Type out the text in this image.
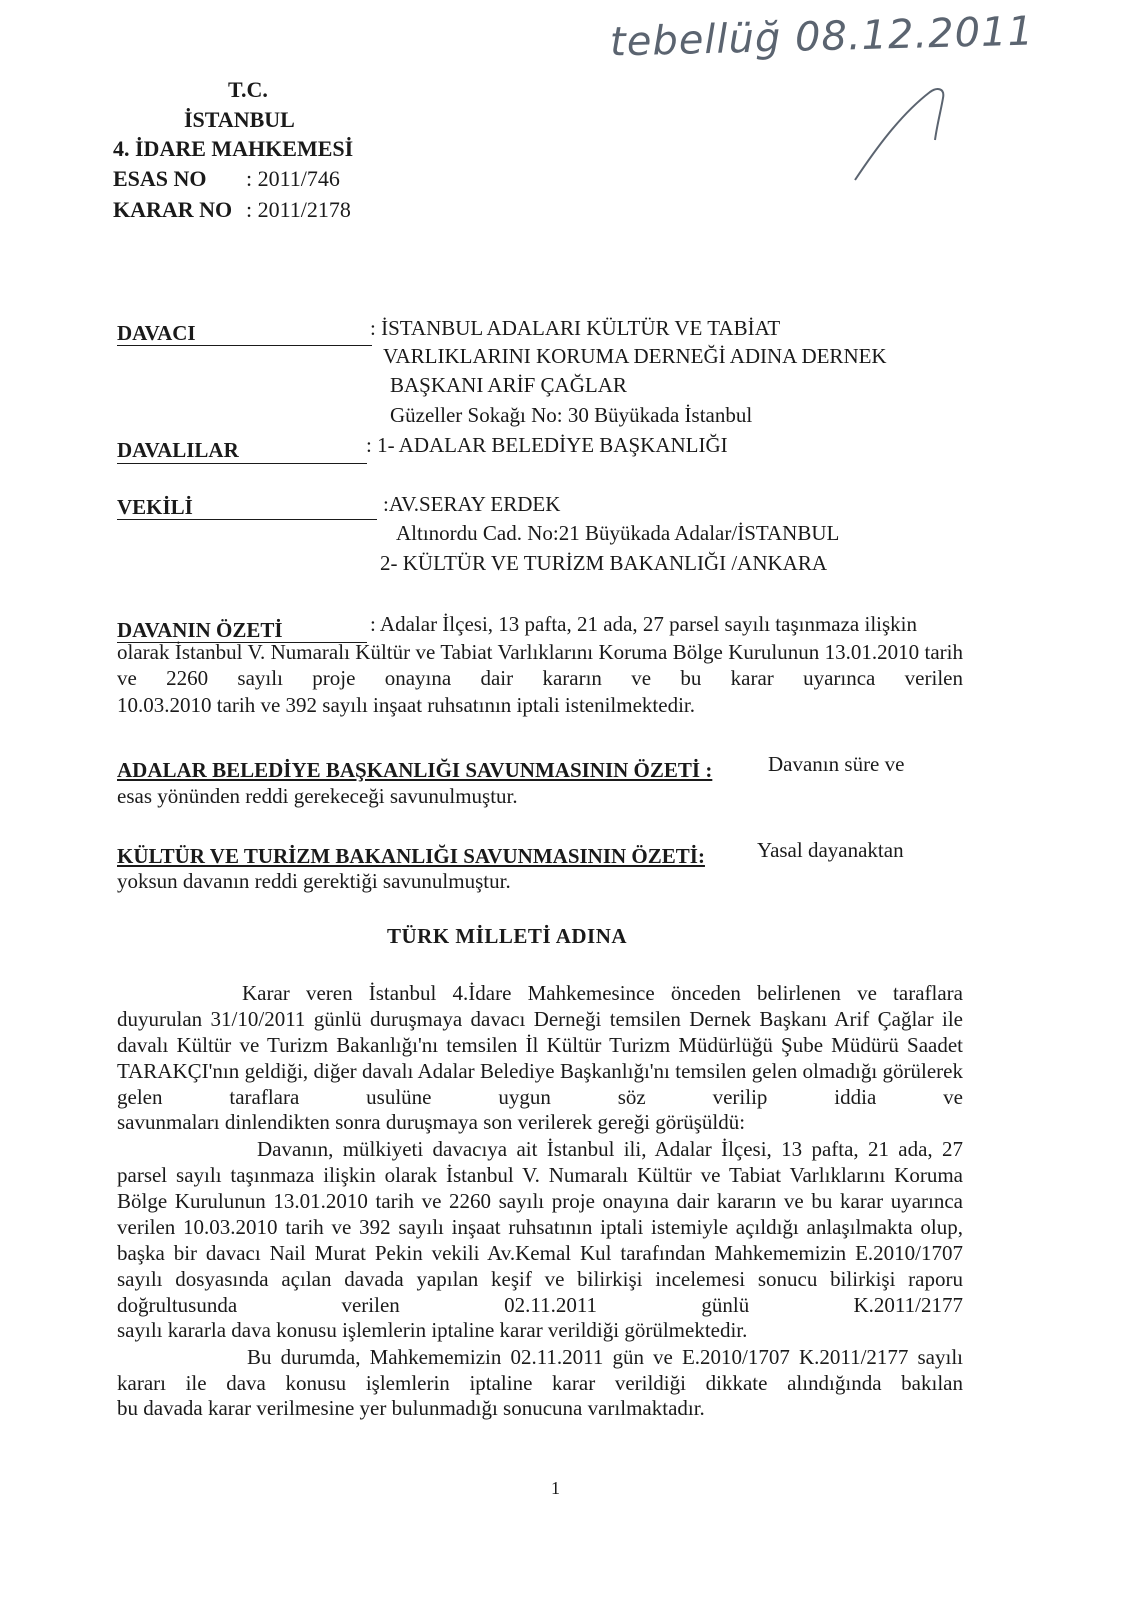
tebellüğ 08.12.2011
T.C.
İSTANBUL
4. İDARE MAHKEMESİ
ESAS NO : 2011/746
KARAR NO : 2011/2178
DAVACI	: İSTANBUL ADALARI KÜLTÜR VE TABİAT
VARLIKLARINI KORUMA DERNEĞİ ADINA DERNEK
BAŞKANI ARİF ÇAĞLAR
Güzeller Sokağı No: 30 Büyükada İstanbul
DAVALILAR	: 1- ADALAR BELEDİYE BAŞKANLIĞI
VEKİLİ	:AV.SERAY ERDEK
Altınordu Cad. No:21 Büyükada Adalar/İSTANBUL
2- KÜLTÜR VE TURİZM BAKANLIĞI /ANKARA
DAVANIN ÖZETİ	: Adalar İlçesi, 13 pafta, 21 ada, 27 parsel sayılı taşınmaza ilişkin
olarak İstanbul V. Numaralı Kültür ve Tabiat Varlıklarını Koruma Bölge Kurulunun 13.01.2010 tarih ve 2260 sayılı proje onayına dair kararın ve bu karar uyarınca verilen
10.03.2010 tarih ve 392 sayılı inşaat ruhsatının iptali istenilmektedir.
ADALAR BELEDİYE BAŞKANLIĞI SAVUNMASININ ÖZETİ :	Davanın süre ve
esas yönünden reddi gerekeceği savunulmuştur.
KÜLTÜR VE TURİZM BAKANLIĞI SAVUNMASININ ÖZETİ: Yasal dayanaktan
yoksun davanın reddi gerektiği savunulmuştur.
TÜRK MİLLETİ ADINA
Karar veren İstanbul 4.İdare Mahkemesince önceden belirlenen ve taraflara duyurulan 31/10/2011 günlü duruşmaya davacı Derneği temsilen Dernek Başkanı Arif Çağlar ile davalı Kültür ve Turizm Bakanlığı'nı temsilen İl Kültür Turizm Müdürlüğü Şube Müdürü Saadet TARAKÇI'nın geldiği, diğer davalı Adalar Belediye Başkanlığı'nı temsilen gelen olmadığı görülerek gelen taraflara usulüne uygun söz verilip iddia ve
savunmaları dinlendikten sonra duruşmaya son verilerek gereği görüşüldü:
Davanın, mülkiyeti davacıya ait İstanbul ili, Adalar İlçesi, 13 pafta, 21 ada, 27 parsel sayılı taşınmaza ilişkin olarak İstanbul V. Numaralı Kültür ve Tabiat Varlıklarını Koruma Bölge Kurulunun 13.01.2010 tarih ve 2260 sayılı proje onayına dair kararın ve bu karar uyarınca verilen 10.03.2010 tarih ve 392 sayılı inşaat ruhsatının iptali istemiyle açıldığı anlaşılmakta olup, başka bir davacı Nail Murat Pekin vekili Av.Kemal Kul tarafından Mahkememizin E.2010/1707 sayılı dosyasında açılan davada yapılan keşif ve bilirkişi incelemesi sonucu bilirkişi raporu doğrultusunda verilen 02.11.2011 günlü K.2011/2177
sayılı kararla dava konusu işlemlerin iptaline karar verildiği görülmektedir.
Bu durumda, Mahkememizin 02.11.2011 gün ve E.2010/1707 K.2011/2177 sayılı kararı ile dava konusu işlemlerin iptaline karar verildiği dikkate alındığında bakılan
bu davada karar verilmesine yer bulunmadığı sonucuna varılmaktadır.
1
